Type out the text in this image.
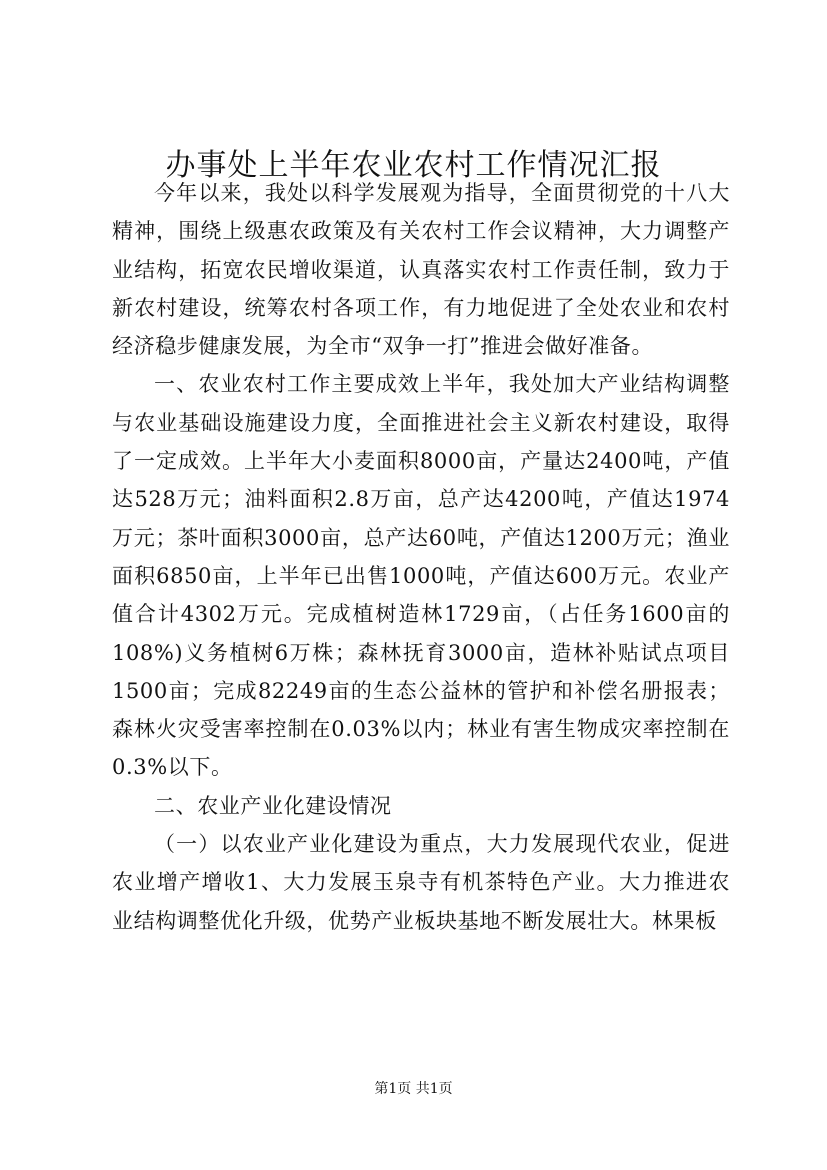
办事处上半年农业农村工作情况汇报

今年以来，我处以科学发展观为指导，全面贯彻党的十八大精神，围绕上级惠农政策及有关农村工作会议精神，大力调整产业结构，拓宽农民增收渠道，认真落实农村工作责任制，致力于新农村建设，统筹农村各项工作，有力地促进了全处农业和农村经济稳步健康发展，为全市“双争一打”推进会做好准备。

一、农业农村工作主要成效上半年，我处加大产业结构调整与农业基础设施建设力度，全面推进社会主义新农村建设，取得了一定成效。上半年大小麦面积8000亩，产量达2400吨，产值达528万元；油料面积2.8万亩，总产达4200吨，产值达1974万元；茶叶面积3000亩，总产达60吨，产值达1200万元；渔业面积6850亩，上半年已出售1000吨，产值达600万元。农业产值合计4302万元。完成植树造林1729亩，（占任务1600亩的108%)义务植树6万株；森林抚育3000亩，造林补贴试点项目1500亩；完成82249亩的生态公益林的管护和补偿名册报表；森林火灾受害率控制在0.03%以内；林业有害生物成灾率控制在0.3%以下。

二、农业产业化建设情况

（一）以农业产业化建设为重点，大力发展现代农业，促进农业增产增收1、大力发展玉泉寺有机茶特色产业。大力推进农业结构调整优化升级，优势产业板块基地不断发展壮大。林果板

第1页 共1页
